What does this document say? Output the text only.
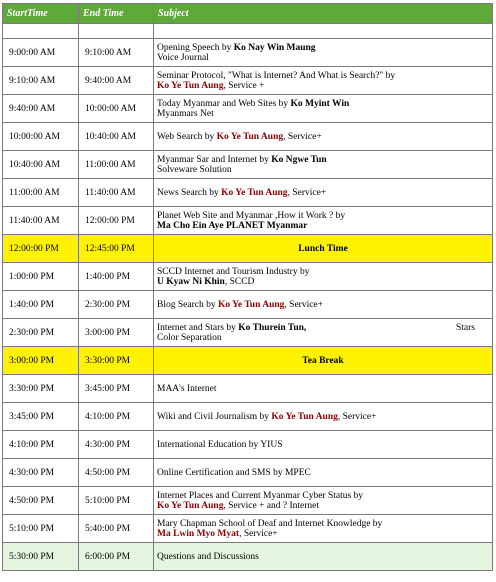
StartTime	End Time	Subject

9:00:00 AM	9:10:00 AM	Opening Speech by Ko Nay Win Maung
Voice Journal
9:10:00 AM	9:40:00 AM	Seminar Protocol, "What is Internet? And What is Search?" by
Ko Ye Tun Aung, Service +
9:40:00 AM	10:00:00 AM	Today Myanmar and Web Sites by Ko Myint Win
Myanmars Net
10:00:00 AM	10:40:00 AM	Web Search by Ko Ye Tun Aung, Service+
10:40:00 AM	11:00:00 AM	Myanmar Sar and Internet by Ko Ngwe Tun
Solveware Solution
11:00:00 AM	11:40:00 AM	News Search by Ko Ye Tun Aung, Service+
11:40:00 AM	12:00:00 PM	Planet Web Site and Myanmar ,How it Work ? by
Ma Cho Ein Aye PLANET Myanmar
12:00:00 PM	12:45:00 PM	Lunch Time
1:00:00 PM	1:40:00 PM	SCCD Internet and Tourism Industry by
U Kyaw Ni Khin, SCCD
1:40:00 PM	2:30:00 PM	Blog Search by Ko Ye Tun Aung, Service+
2:30:00 PM	3:00:00 PM	Stars
Internet and Stars by Ko Thurein Tun,
Color Separation
3:00:00 PM	3:30:00 PM	Tea Break
3:30:00 PM	3:45:00 PM	MAA's Internet
3:45:00 PM	4:10:00 PM	Wiki and Civil Journalism by Ko Ye Tun Aung, Service+
4:10:00 PM	4:30:00 PM	International Education by YIUS
4:30:00 PM	4:50:00 PM	Online Certification and SMS by MPEC
4:50:00 PM	5:10:00 PM	Internet Places and Current Myanmar Cyber Status by
Ko Ye Tun Aung, Service + and ? Internet
5:10:00 PM	5:40:00 PM	Mary Chapman School of Deaf and Internet Knowledge by
Ma Lwin Myo Myat, Service+
5:30:00 PM	6:00:00 PM	Questions and Discussions
